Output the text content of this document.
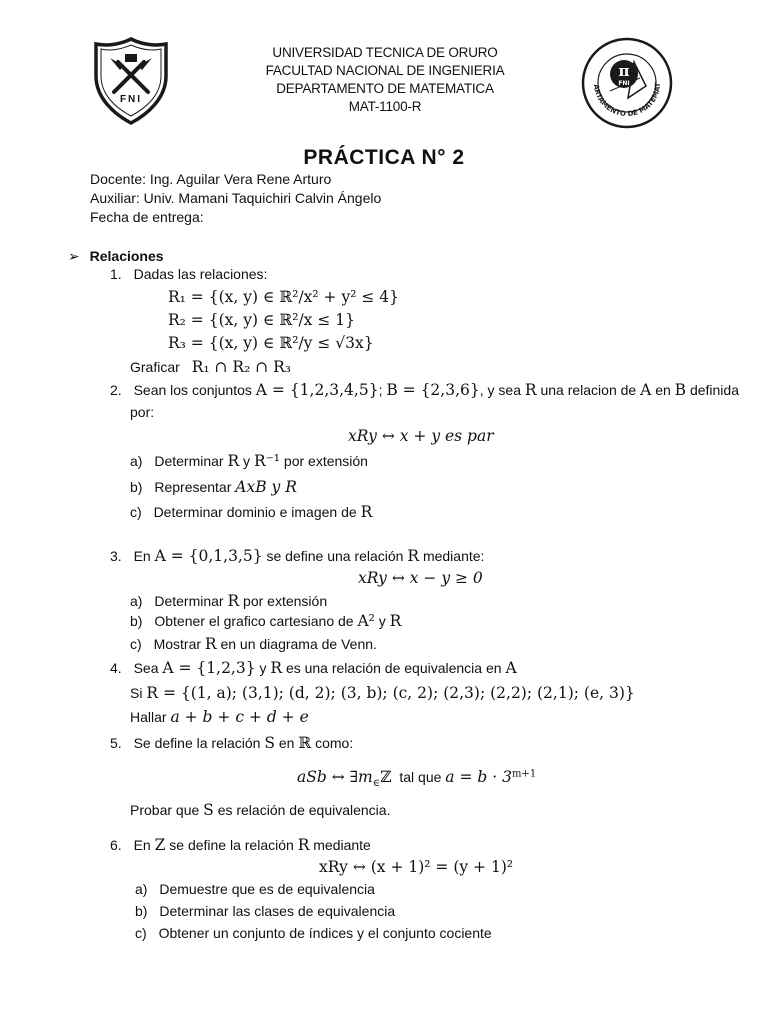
FNI
UNIVERSIDAD TECNICA DE ORURO
FACULTAD NACIONAL DE INGENIERIA
DEPARTAMENTO DE MATEMATICA
MAT-1100-R
ARTAMENTO DE MATEMAT
π
FNI
PRÁCTICA N° 2
Docente: Ing. Aguilar Vera Rene Arturo
Auxiliar: Univ. Mamani Taquichiri Calvin Ángelo
Fecha de entrega:
➢ Relaciones
1. Dadas las relaciones:
R₁ = {(x, y) ∈ ℝ²/x² + y² ≤ 4}
R₂ = {(x, y) ∈ ℝ²/x ≤ 1}
R₃ = {(x, y) ∈ ℝ²/y ≤ √3x}
Graficar R₁ ∩ R₂ ∩ R₃
2. Sean los conjuntos A = {1,2,3,4,5}; B = {2,3,6}, y sea R una relacion de A en B definida
por:
xRy ↔ x + y es par
a) Determinar R y R⁻¹ por extensión
b) Representar AxB y R
c) Determinar dominio e imagen de R
3. En A = {0,1,3,5} se define una relación R mediante:
xRy ↔ x − y ≥ 0
a) Determinar R por extensión
b) Obtener el grafico cartesiano de A² y R
c) Mostrar R en un diagrama de Venn.
4. Sea A = {1,2,3} y R es una relación de equivalencia en A
Si R = {(1, a); (3,1); (d, 2); (3, b); (c, 2); (2,3); (2,2); (2,1); (e, 3)}
Hallar a + b + c + d + e
5. Se define la relación S en ℝ como:
aSb ↔ $\exists m_\in ℤ$ tal que $a = b \cdot 3^{m+1}$
Probar que S es relación de equivalencia.
6. En Z se define la relación R mediante
xRy ↔ (x + 1)² = (y + 1)²
a) Demuestre que es de equivalencia
b) Determinar las clases de equivalencia
c) Obtener un conjunto de índices y el conjunto cociente
